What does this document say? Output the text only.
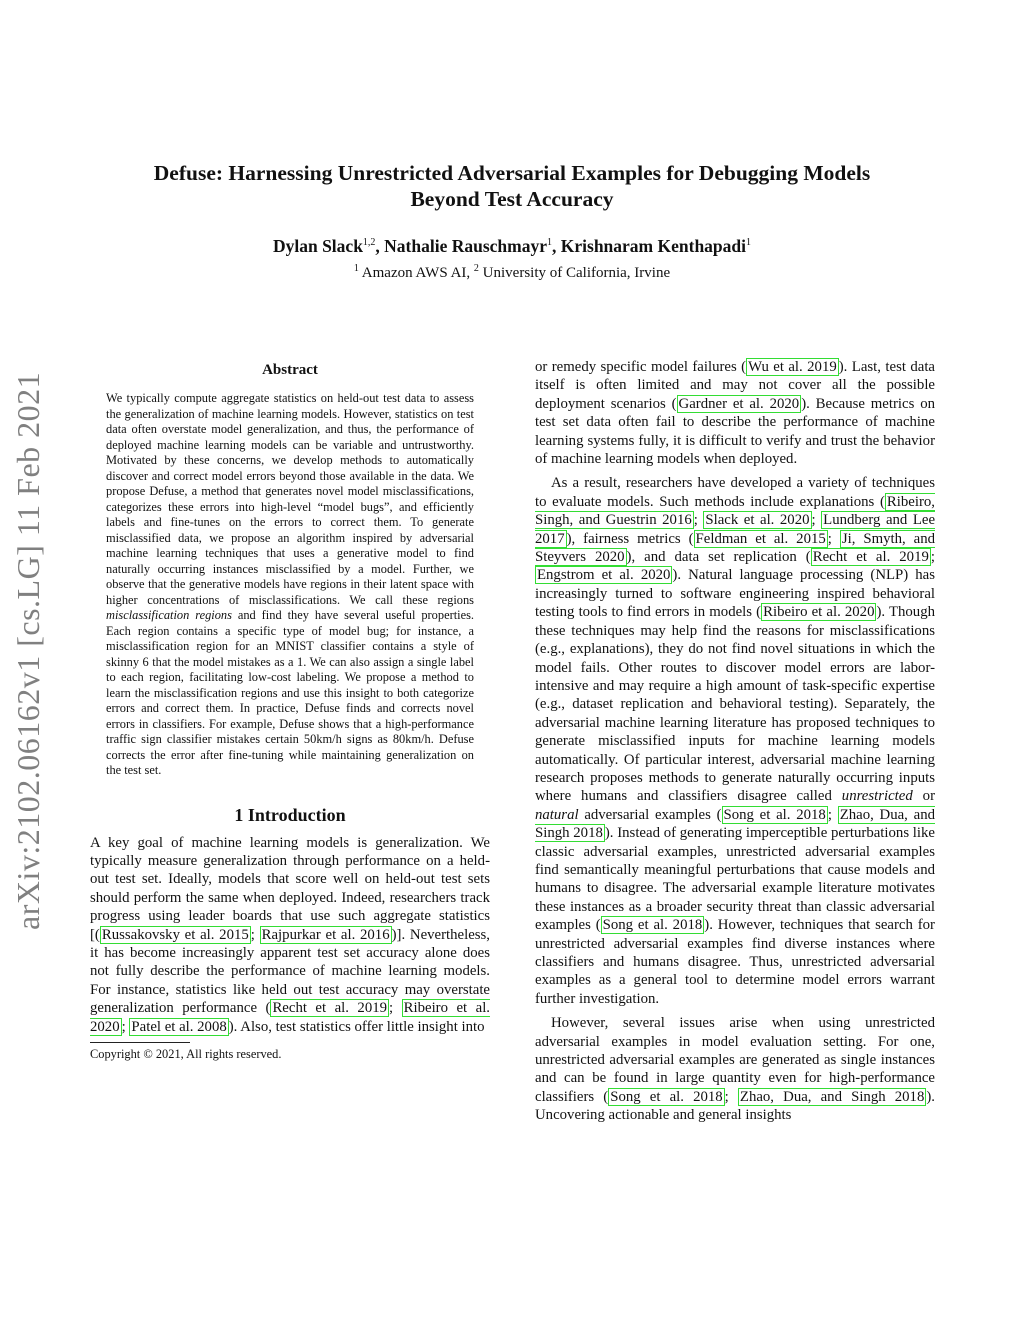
Defuse: Harnessing Unrestricted Adversarial Examples for Debugging Models
Beyond Test Accuracy
Dylan Slack$^{1,2}$, Nathalie Rauschmayr$^1$, Krishnaram Kenthapadi$^1$
$^1$ Amazon AWS AI, $^2$ University of California, Irvine
arXiv:2102.06162v1 [cs.LG] 11 Feb 2021
Abstract

We typically compute aggregate statistics on held-out test data to assess the generalization of machine learning models. However, statistics on test data often overstate model generalization, and thus, the performance of deployed machine learning models can be variable and untrustworthy. Motivated by these concerns, we develop methods to automatically discover and correct model errors beyond those available in the data. We propose Defuse, a method that generates novel model misclassifications, categorizes these errors into high-level “model bugs”, and efficiently labels and fine-tunes on the errors to correct them. To generate misclassified data, we propose an algorithm inspired by adversarial machine learning techniques that uses a generative model to find naturally occurring instances misclassified by a model. Further, we observe that the generative models have regions in their latent space with higher concentrations of misclassifications. We call these regions misclassification regions and find they have several useful properties. Each region contains a specific type of model bug; for instance, a misclassification region for an MNIST classifier contains a style of skinny 6 that the model mistakes as a 1. We can also assign a single label to each region, facilitating low-cost labeling. We propose a method to learn the misclassification regions and use this insight to both categorize errors and correct them. In practice, Defuse finds and corrects novel errors in classifiers. For example, Defuse shows that a high-performance traffic sign classifier mistakes certain 50km/h signs as 80km/h. Defuse corrects the error after fine-tuning while maintaining generalization on the test set.

1 Introduction

A key goal of machine learning models is generalization. We typically measure generalization through performance on a held-out test set. Ideally, models that score well on held-out test sets should perform the same when deployed. Indeed, researchers track progress using leader boards that use such aggregate statistics [( Russakovsky et al. 2015 ; Rajpurkar et al. 2016 )]. Nevertheless, it has become increasingly apparent test set accuracy alone does not fully describe the performance of machine learning models. For instance, statistics like held out test accuracy may overstate generalization performance ( Recht et al. 2019 ; Ribeiro et al. 2020 ; Patel et al. 2008 ). Also, test statistics offer little insight into

Copyright © 2021, All rights reserved.

or remedy specific model failures ( Wu et al. 2019 ). Last, test data itself is often limited and may not cover all the possible deployment scenarios ( Gardner et al. 2020 ). Because metrics on test set data often fail to describe the performance of machine learning systems fully, it is difficult to verify and trust the behavior of machine learning models when deployed.

As a result, researchers have developed a variety of techniques to evaluate models. Such methods include explanations ( Ribeiro, Singh, and Guestrin 2016 ; Slack et al. 2020 ; Lundberg and Lee 2017 ), fairness metrics ( Feldman et al. 2015 ; Ji, Smyth, and Steyvers 2020 ), and data set replication ( Recht et al. 2019 ; Engstrom et al. 2020 ). Natural language processing (NLP) has increasingly turned to software engineering inspired behavioral testing tools to find errors in models ( Ribeiro et al. 2020 ). Though these techniques may help find the reasons for misclassifications (e.g., explanations), they do not find novel situations in which the model fails. Other routes to discover model errors are labor-intensive and may require a high amount of task-specific expertise (e.g., dataset replication and behavioral testing). Separately, the adversarial machine learning literature has proposed techniques to generate misclassified inputs for machine learning models automatically. Of particular interest, adversarial machine learning research proposes methods to generate naturally occurring inputs where humans and classifiers disagree called unrestricted or natural adversarial examples ( Song et al. 2018 ; Zhao, Dua, and Singh 2018 ). Instead of generating imperceptible perturbations like classic adversarial examples, unrestricted adversarial examples find semantically meaningful perturbations that cause models and humans to disagree. The adversarial example literature motivates these instances as a broader security threat than classic adversarial examples ( Song et al. 2018 ). However, techniques that search for unrestricted adversarial examples find diverse instances where classifiers and humans disagree. Thus, unrestricted adversarial examples as a general tool to determine model errors warrant further investigation.

However, several issues arise when using unrestricted adversarial examples in model evaluation setting. For one, unrestricted adversarial examples are generated as single instances and can be found in large quantity even for high-performance classifiers ( Song et al. 2018 ; Zhao, Dua, and Singh 2018 ). Uncovering actionable and general insights
